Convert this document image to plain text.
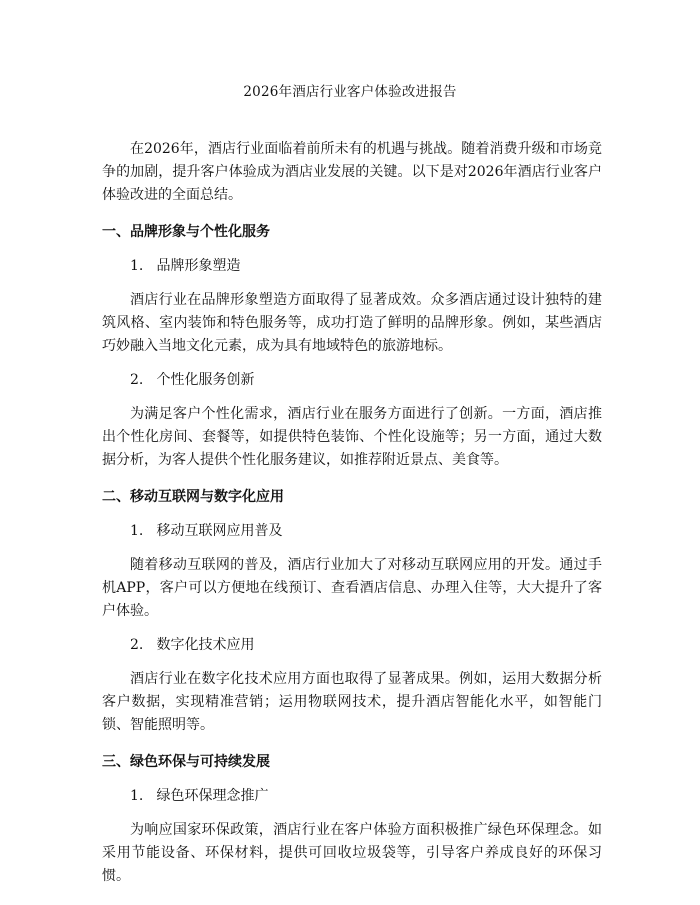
2026年酒店行业客户体验改进报告

在2026年，酒店行业面临着前所未有的机遇与挑战。随着消费升级和市场竞争的加剧，提升客户体验成为酒店业发展的关键。以下是对2026年酒店行业客户体验改进的全面总结。

一、品牌形象与个性化服务
1. 品牌形象塑造

酒店行业在品牌形象塑造方面取得了显著成效。众多酒店通过设计独特的建筑风格、室内装饰和特色服务等，成功打造了鲜明的品牌形象。例如，某些酒店巧妙融入当地文化元素，成为具有地域特色的旅游地标。

2. 个性化服务创新

为满足客户个性化需求，酒店行业在服务方面进行了创新。一方面，酒店推出个性化房间、套餐等，如提供特色装饰、个性化设施等；另一方面，通过大数据分析，为客人提供个性化服务建议，如推荐附近景点、美食等。

二、移动互联网与数字化应用
1. 移动互联网应用普及

随着移动互联网的普及，酒店行业加大了对移动互联网应用的开发。通过手机APP，客户可以方便地在线预订、查看酒店信息、办理入住等，大大提升了客户体验。

2. 数字化技术应用

酒店行业在数字化技术应用方面也取得了显著成果。例如，运用大数据分析客户数据，实现精准营销；运用物联网技术，提升酒店智能化水平，如智能门锁、智能照明等。

三、绿色环保与可持续发展
1. 绿色环保理念推广

为响应国家环保政策，酒店行业在客户体验方面积极推广绿色环保理念。如采用节能设备、环保材料，提供可回收垃圾袋等，引导客户养成良好的环保习惯。
